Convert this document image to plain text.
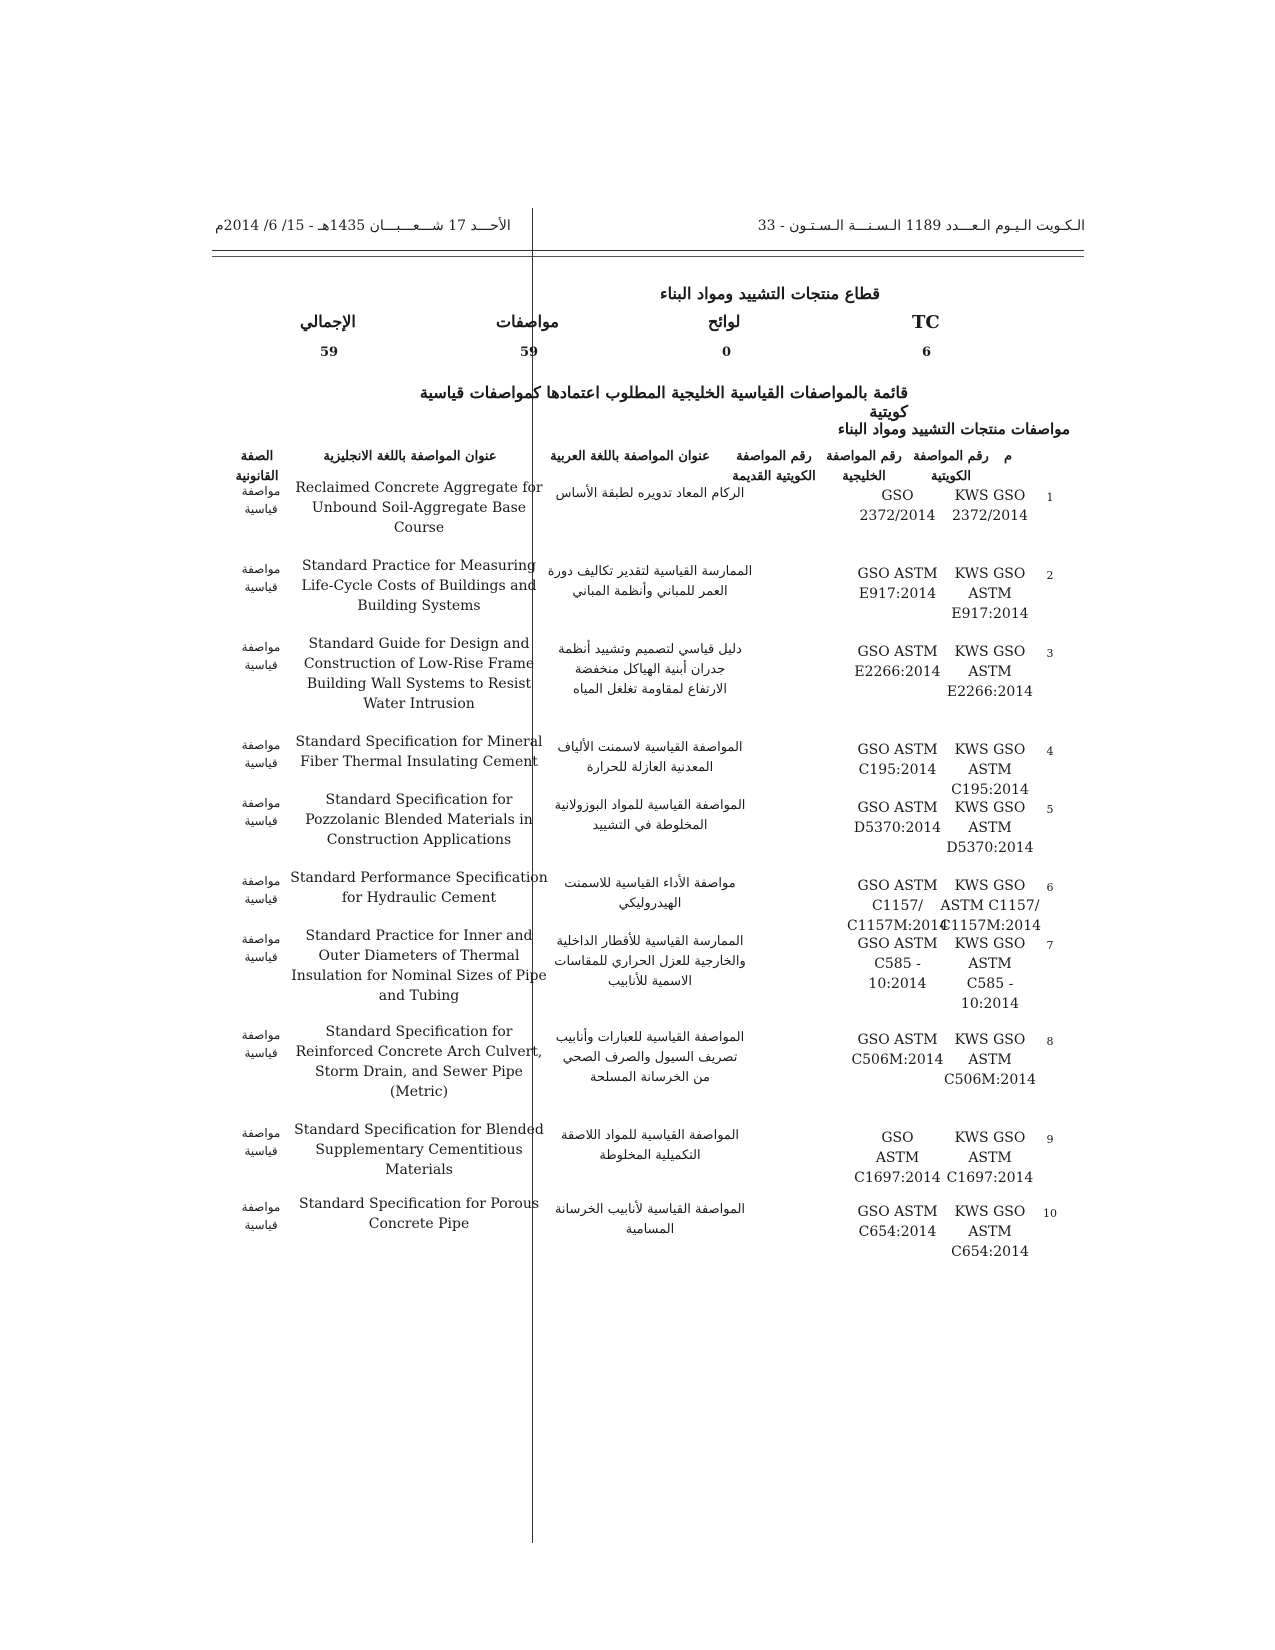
الأحـــد 17 شـــعـــبـــان 1435هـ - 15/ 6/ 2014م	الـكـويت الـيـوم الـعـــدد 1189 الـسـنـــة الـسـتـون - 33
قطاع منتجات التشييد ومواد البناء
الإجمالي
59
مواصفات
59
لوائح
0
TC
6
قائمة بالمواصفات القياسية الخليجية المطلوب اعتمادها كمواصفات قياسية كويتية
مواصفات منتجات التشييد ومواد البناء
م
رقم المواصفة الكويتية
رقم المواصفة الخليجية
رقم المواصفة الكويتية القديمة
عنوان المواصفة باللغة العربية
عنوان المواصفة باللغة الانجليزية
الصفة القانونية
1
KWS GSO
2372/2014
GSO
2372/2014
الركام المعاد تدويره لطبقة الأساس
Reclaimed Concrete Aggregate for
Unbound Soil-Aggregate Base
Course
مواصفة
قياسية
2
KWS GSO
ASTM
E917:2014
GSO ASTM
E917:2014
الممارسة القياسية لتقدير تكاليف دورة
العمر للمباني وأنظمة المباني
Standard Practice for Measuring
Life-Cycle Costs of Buildings and
Building Systems
مواصفة
قياسية
3
KWS GSO
ASTM
E2266:2014
GSO ASTM
E2266:2014
دليل قياسي لتصميم وتشييد أنظمة
جدران أبنية الهياكل منخفضة
الارتفاع لمقاومة تغلغل المياه
Standard Guide for Design and
Construction of Low-Rise Frame
Building Wall Systems to Resist
Water Intrusion
مواصفة
قياسية
4
KWS GSO
ASTM
C195:2014
GSO ASTM
C195:2014
المواصفة القياسية لاسمنت الألياف
المعدنية العازلة للحرارة
Standard Specification for Mineral
Fiber Thermal Insulating Cement
مواصفة
قياسية
5
KWS GSO
ASTM
D5370:2014
GSO ASTM
D5370:2014
المواصفة القياسية للمواد البوزولانية
المخلوطة في التشييد
Standard Specification for
Pozzolanic Blended Materials in
Construction Applications
مواصفة
قياسية
6
KWS GSO
ASTM C1157/
C1157M:2014
GSO ASTM
C1157/
C1157M:2014
مواصفة الأداء القياسية للاسمنت
الهيدروليكي
Standard Performance Specification
for Hydraulic Cement
مواصفة
قياسية
7
KWS GSO
ASTM
C585 -
10:2014
GSO ASTM
C585 -
10:2014
الممارسة القياسية للأقطار الداخلية
والخارجية للعزل الحراري للمقاسات
الاسمية للأنابيب
Standard Practice for Inner and
Outer Diameters of Thermal
Insulation for Nominal Sizes of Pipe
and Tubing
مواصفة
قياسية
8
KWS GSO
ASTM
C506M:2014
GSO ASTM
C506M:2014
المواصفة القياسية للعبارات وأنابيب
تصريف السيول والصرف الصحي
من الخرسانة المسلحة
Standard Specification for
Reinforced Concrete Arch Culvert,
Storm Drain, and Sewer Pipe
(Metric)
مواصفة
قياسية
9
KWS GSO
ASTM
C1697:2014
GSO
ASTM
C1697:2014
المواصفة القياسية للمواد اللاصقة
التكميلية المخلوطة
Standard Specification for Blended
Supplementary Cementitious
Materials
مواصفة
قياسية
10
KWS GSO
ASTM
C654:2014
GSO ASTM
C654:2014
المواصفة القياسية لأنابيب الخرسانة
المسامية
Standard Specification for Porous
Concrete Pipe
مواصفة
قياسية
